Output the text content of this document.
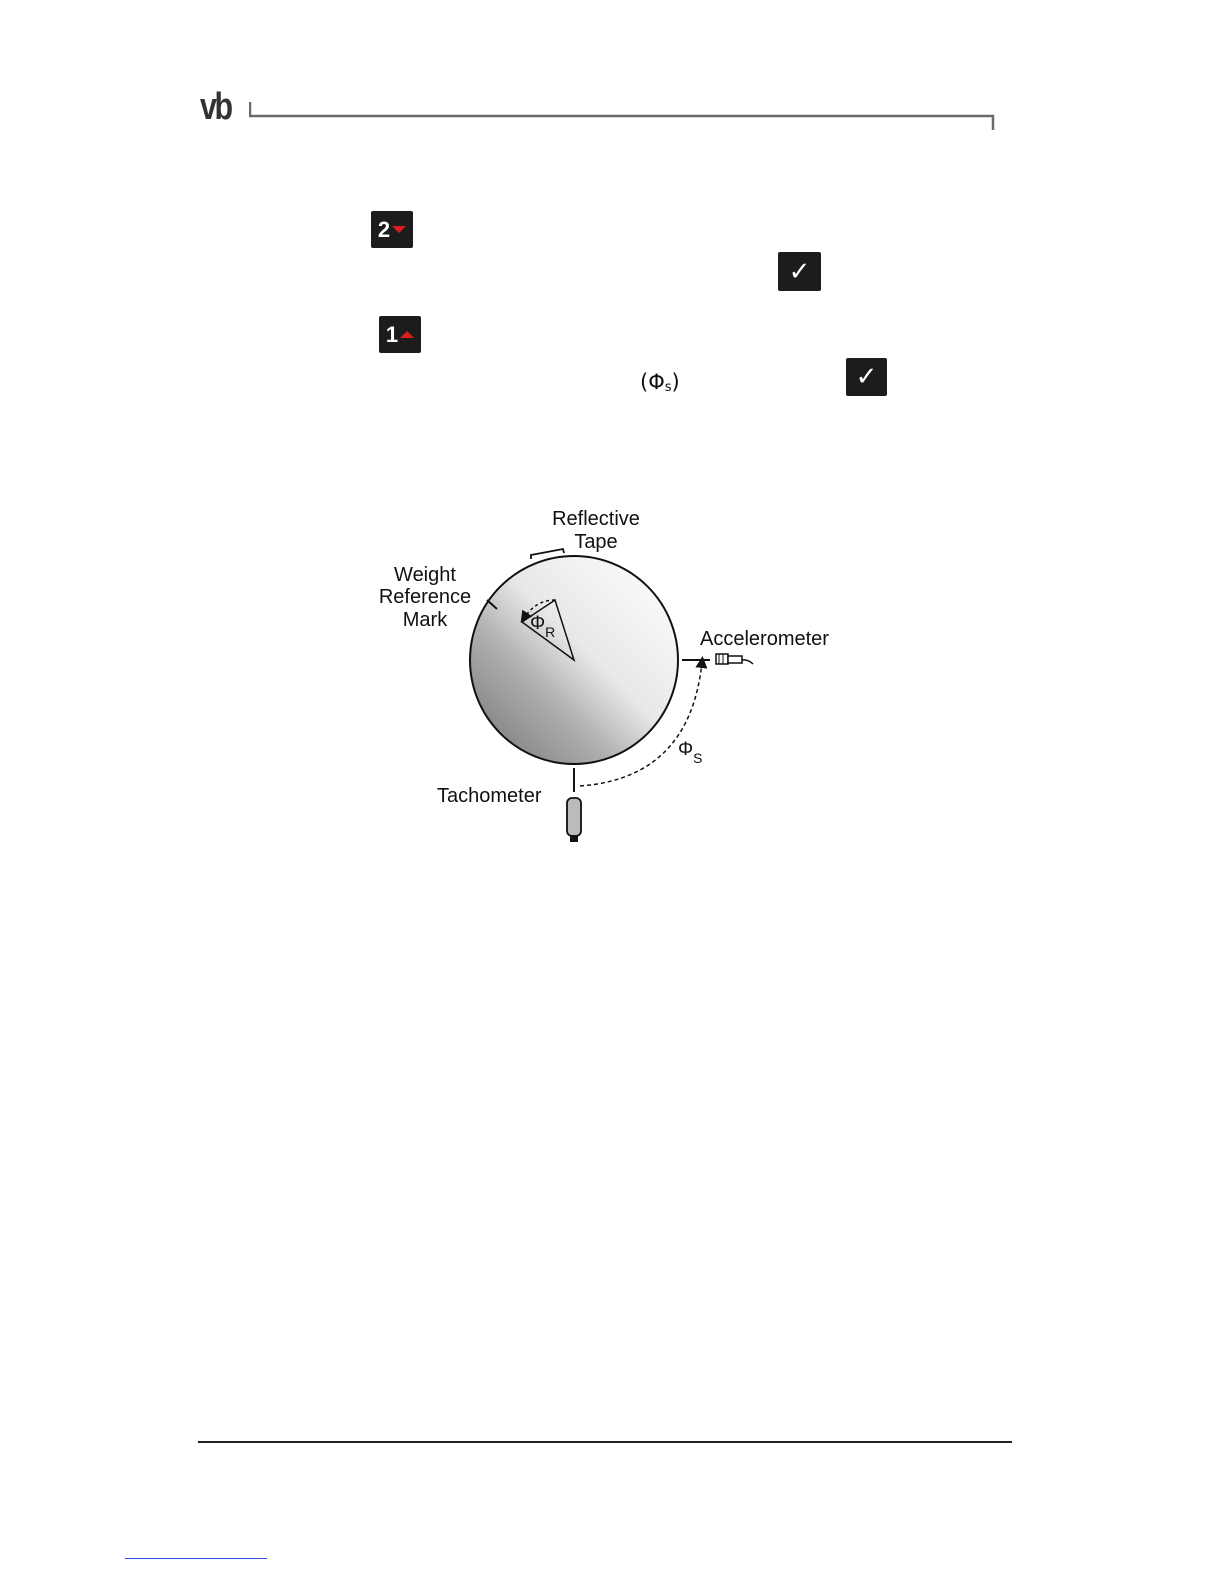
vb
2
✓
1
$(\Phi_s)$	✓
Reflective
Tape
Weight
Reference
Mark
Accelerometer
Tachometer
$\Phi_R$
$\Phi_S$
